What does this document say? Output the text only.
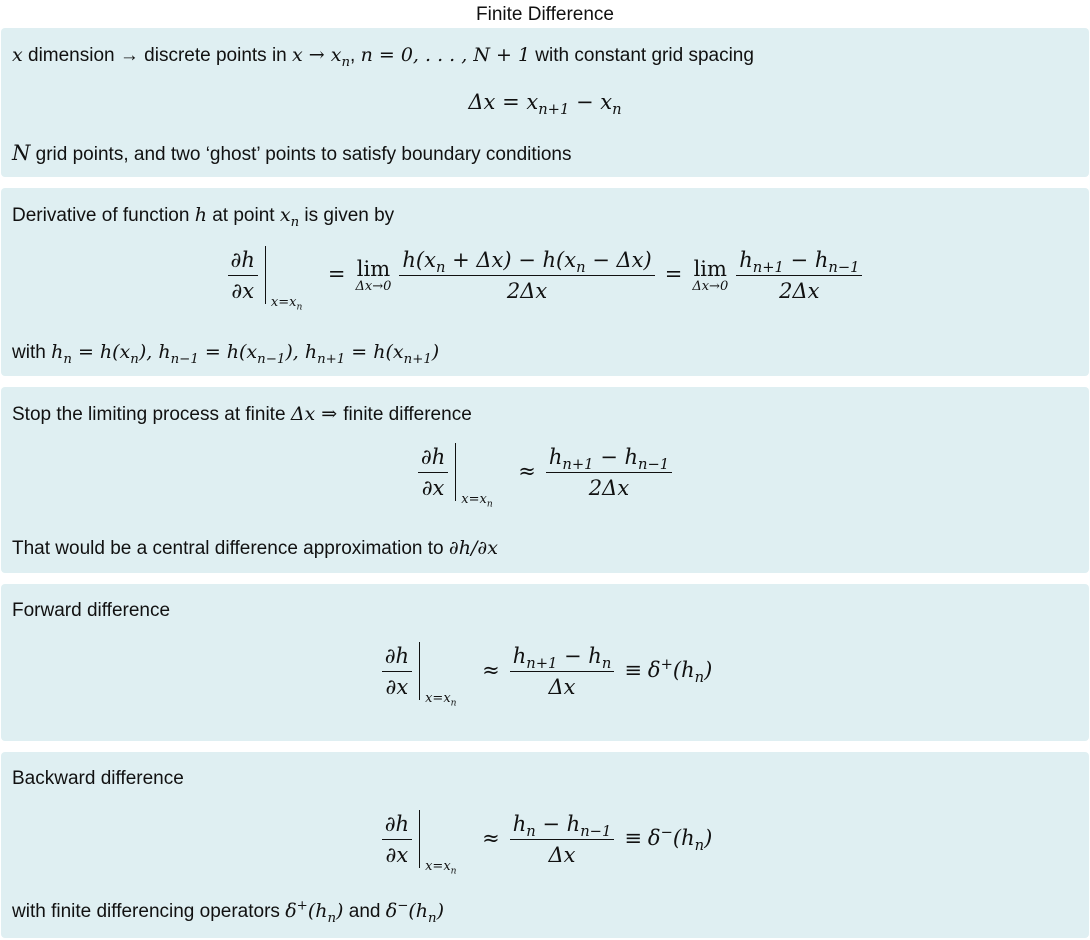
Finite Difference
x dimension → discrete points in $x \to x_n$, n = 0, . . . , N + 1 with constant grid spacing
$\Delta x = x_{n+1} - x_n$
N grid points, and two ‘ghost’ points to satisfy boundary conditions
Derivative of function h at point $x_n$ is given by
$\frac{\partial h}{\partial x} x=x_n$
= lim
$\Delta x\to 0 \frac{h(x_n + \Delta x) - h(x_n - \Delta x)}{2\Delta x} = \lim$
$\Delta x\to 0 \frac{h_{n+1} - h_{n-1}}{2\Delta x}$
with $h_n = h(x_n)$, $h_{n-1} = h(x_{n-1})$, $h_{n+1} = h(x_{n+1})$
Stop the limiting process at finite Δx ⇒ finite difference
$\frac{\partial h}{\partial x} x=x_n$
≈ $\frac{h_{n+1} - h_{n-1}}{2\Delta x}$
That would be a central difference approximation to ∂h/∂x
Forward difference
$\frac{\partial h}{\partial x} x=x_n$
≈ $\frac{h_{n+1} - h_n}{\Delta x} \equiv \delta^+(h_n)$
Backward difference
$\frac{\partial h}{\partial x} x=x_n$
≈ $\frac{h_n - h_{n-1}}{\Delta x} \equiv \delta^-(h_n)$
with finite differencing operators $\delta^+(h_n)$ and $\delta^-(h_n)$
